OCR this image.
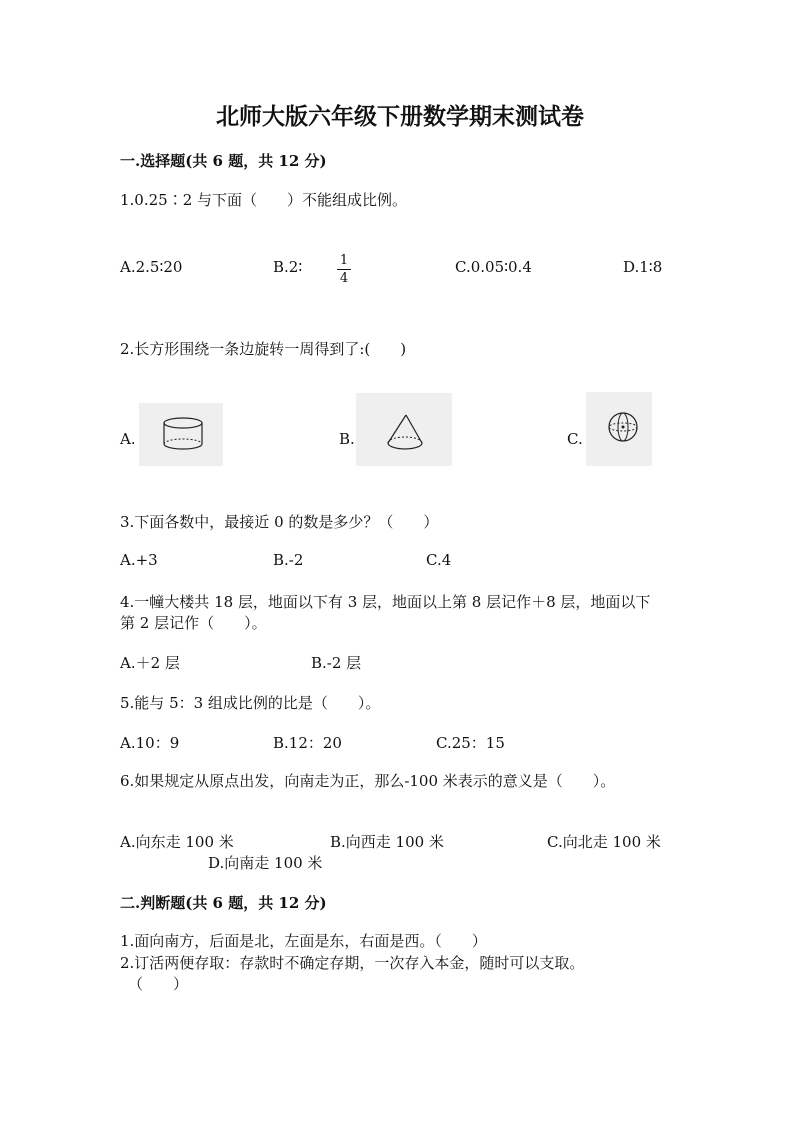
北师大版六年级下册数学期末测试卷
一.选择题(共 6 题，共 12 分)
1.0.25∶2 与下面（　　）不能组成比例。
A.2.5∶20	B.2∶	1
4
C.0.05∶0.4	D.1∶8
2.长方形围绕一条边旋转一周得到了:(　　)
A.	B.	C.
3.下面各数中，最接近 0 的数是多少？（　　）
A.+3	B.-2	C.4
4.一幢大楼共 18 层，地面以下有 3 层，地面以上第 8 层记作＋8 层，地面以下
第 2 层记作（　　）。
A.＋2 层	B.-2 层
5.能与 5：3 组成比例的比是（　　）。
A.10：9	B.12：20	C.25：15
6.如果规定从原点出发，向南走为正，那么-100 米表示的意义是（　　）。
A.向东走 100 米	B.向西走 100 米	C.向北走 100 米
D.向南走 100 米
二.判断题(共 6 题，共 12 分)
1.面向南方，后面是北，左面是东，右面是西。（　　）
2.订活两便存取：存款时不确定存期，一次存入本金，随时可以支取。
（　　）
